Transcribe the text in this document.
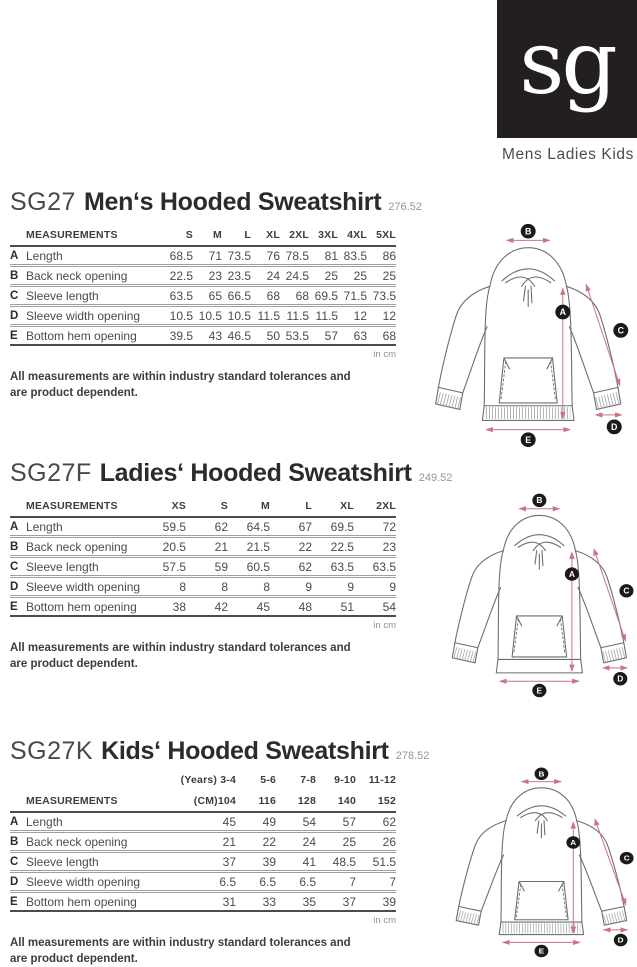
sg
Mens Ladies Kids
SG27 Men‘s Hooded Sweatshirt 276.52
	MEASUREMENTS	S	M	L	XL	2XL	3XL	4XL	5XL
A	Length	68.5	71	73.5	76	78.5	81	83.5	86
B	Back neck opening	22.5	23	23.5	24	24.5	25	25	25
C	Sleeve length	63.5	65	66.5	68	68	69.5	71.5	73.5
D	Sleeve width opening	10.5	10.5	10.5	11.5	11.5	11.5	12	12
E	Bottom hem opening	39.5	43	46.5	50	53.5	57	63	68
in cm
All measurements are within industry standard tolerances and
are product dependent.
B
A
C
D
E
SG27F Ladies‘ Hooded Sweatshirt 249.52
	MEASUREMENTS	XS	S	M	L	XL	2XL
A	Length	59.5	62	64.5	67	69.5	72
B	Back neck opening	20.5	21	21.5	22	22.5	23
C	Sleeve length	57.5	59	60.5	62	63.5	63.5
D	Sleeve width opening	8	8	8	9	9	9
E	Bottom hem opening	38	42	45	48	51	54
in cm
All measurements are within industry standard tolerances and
are product dependent.
B
A
C
D
E
SG27K Kids‘ Hooded Sweatshirt 278.52
		(Years) 3-4	5-6	7-8	9-10	11-12
	MEASUREMENTS	(CM)104	116	128	140	152
A	Length	45	49	54	57	62
B	Back neck opening	21	22	24	25	26
C	Sleeve length	37	39	41	48.5	51.5
D	Sleeve width opening	6.5	6.5	6.5	7	7
E	Bottom hem opening	31	33	35	37	39
in cm
All measurements are within industry standard tolerances and
are product dependent.
B
A
C
D
E
